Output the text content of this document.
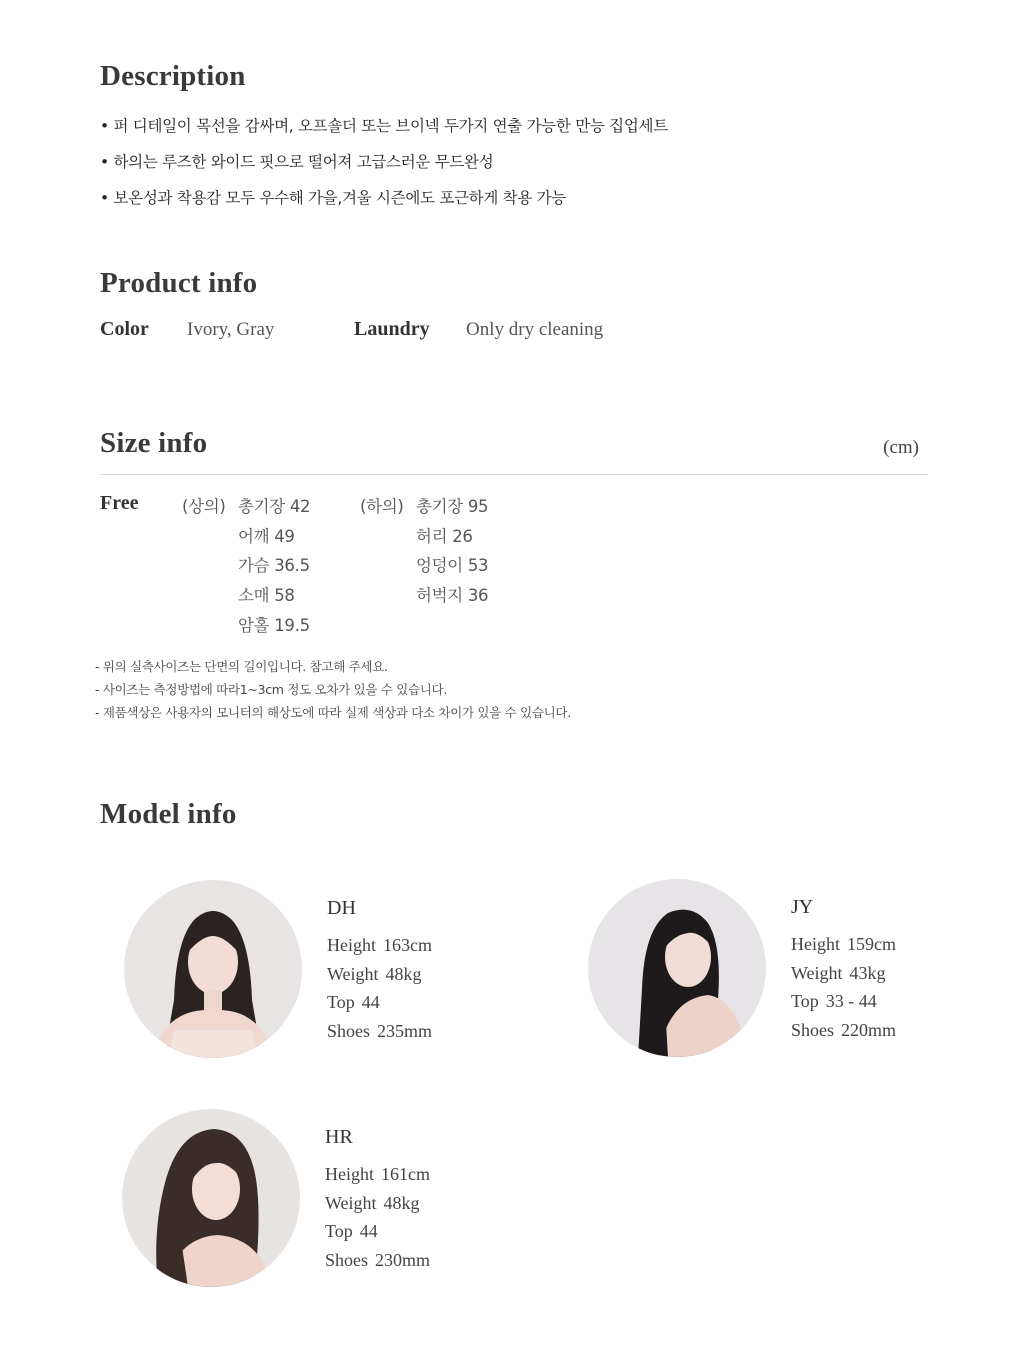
Description
• 퍼 디테일이 목선을 감싸며, 오프숄더 또는 브이넥 두가지 연출 가능한 만능 집업세트
• 하의는 루즈한 와이드 핏으로 떨어져 고급스러운 무드완성
• 보온성과 착용감 모두 우수해 가을,겨울 시즌에도 포근하게 착용 가능
Product info
Color Ivory, Gray	Laundry Only dry cleaning
Size info	(cm)
Free	(상의) 총기장 42
어깨 49
가슴 36.5
소매 58
암홀 19.5
(하의) 총기장 95
허리 26
엉덩이 53
허벅지 36
- 위의 실측사이즈는 단면의 길이입니다. 참고해 주세요.
- 사이즈는 측정방법에 따라1~3cm 정도 오차가 있을 수 있습니다.
- 제품색상은 사용자의 모니터의 해상도에 따라 실제 색상과 다소 차이가 있을 수 있습니다.
Model info
DH
Height 163cm
Weight 48kg
Top 44
Shoes 235mm
JY
Height 159cm
Weight 43kg
Top 33 - 44
Shoes 220mm
HR
Height 161cm
Weight 48kg
Top 44
Shoes 230mm
